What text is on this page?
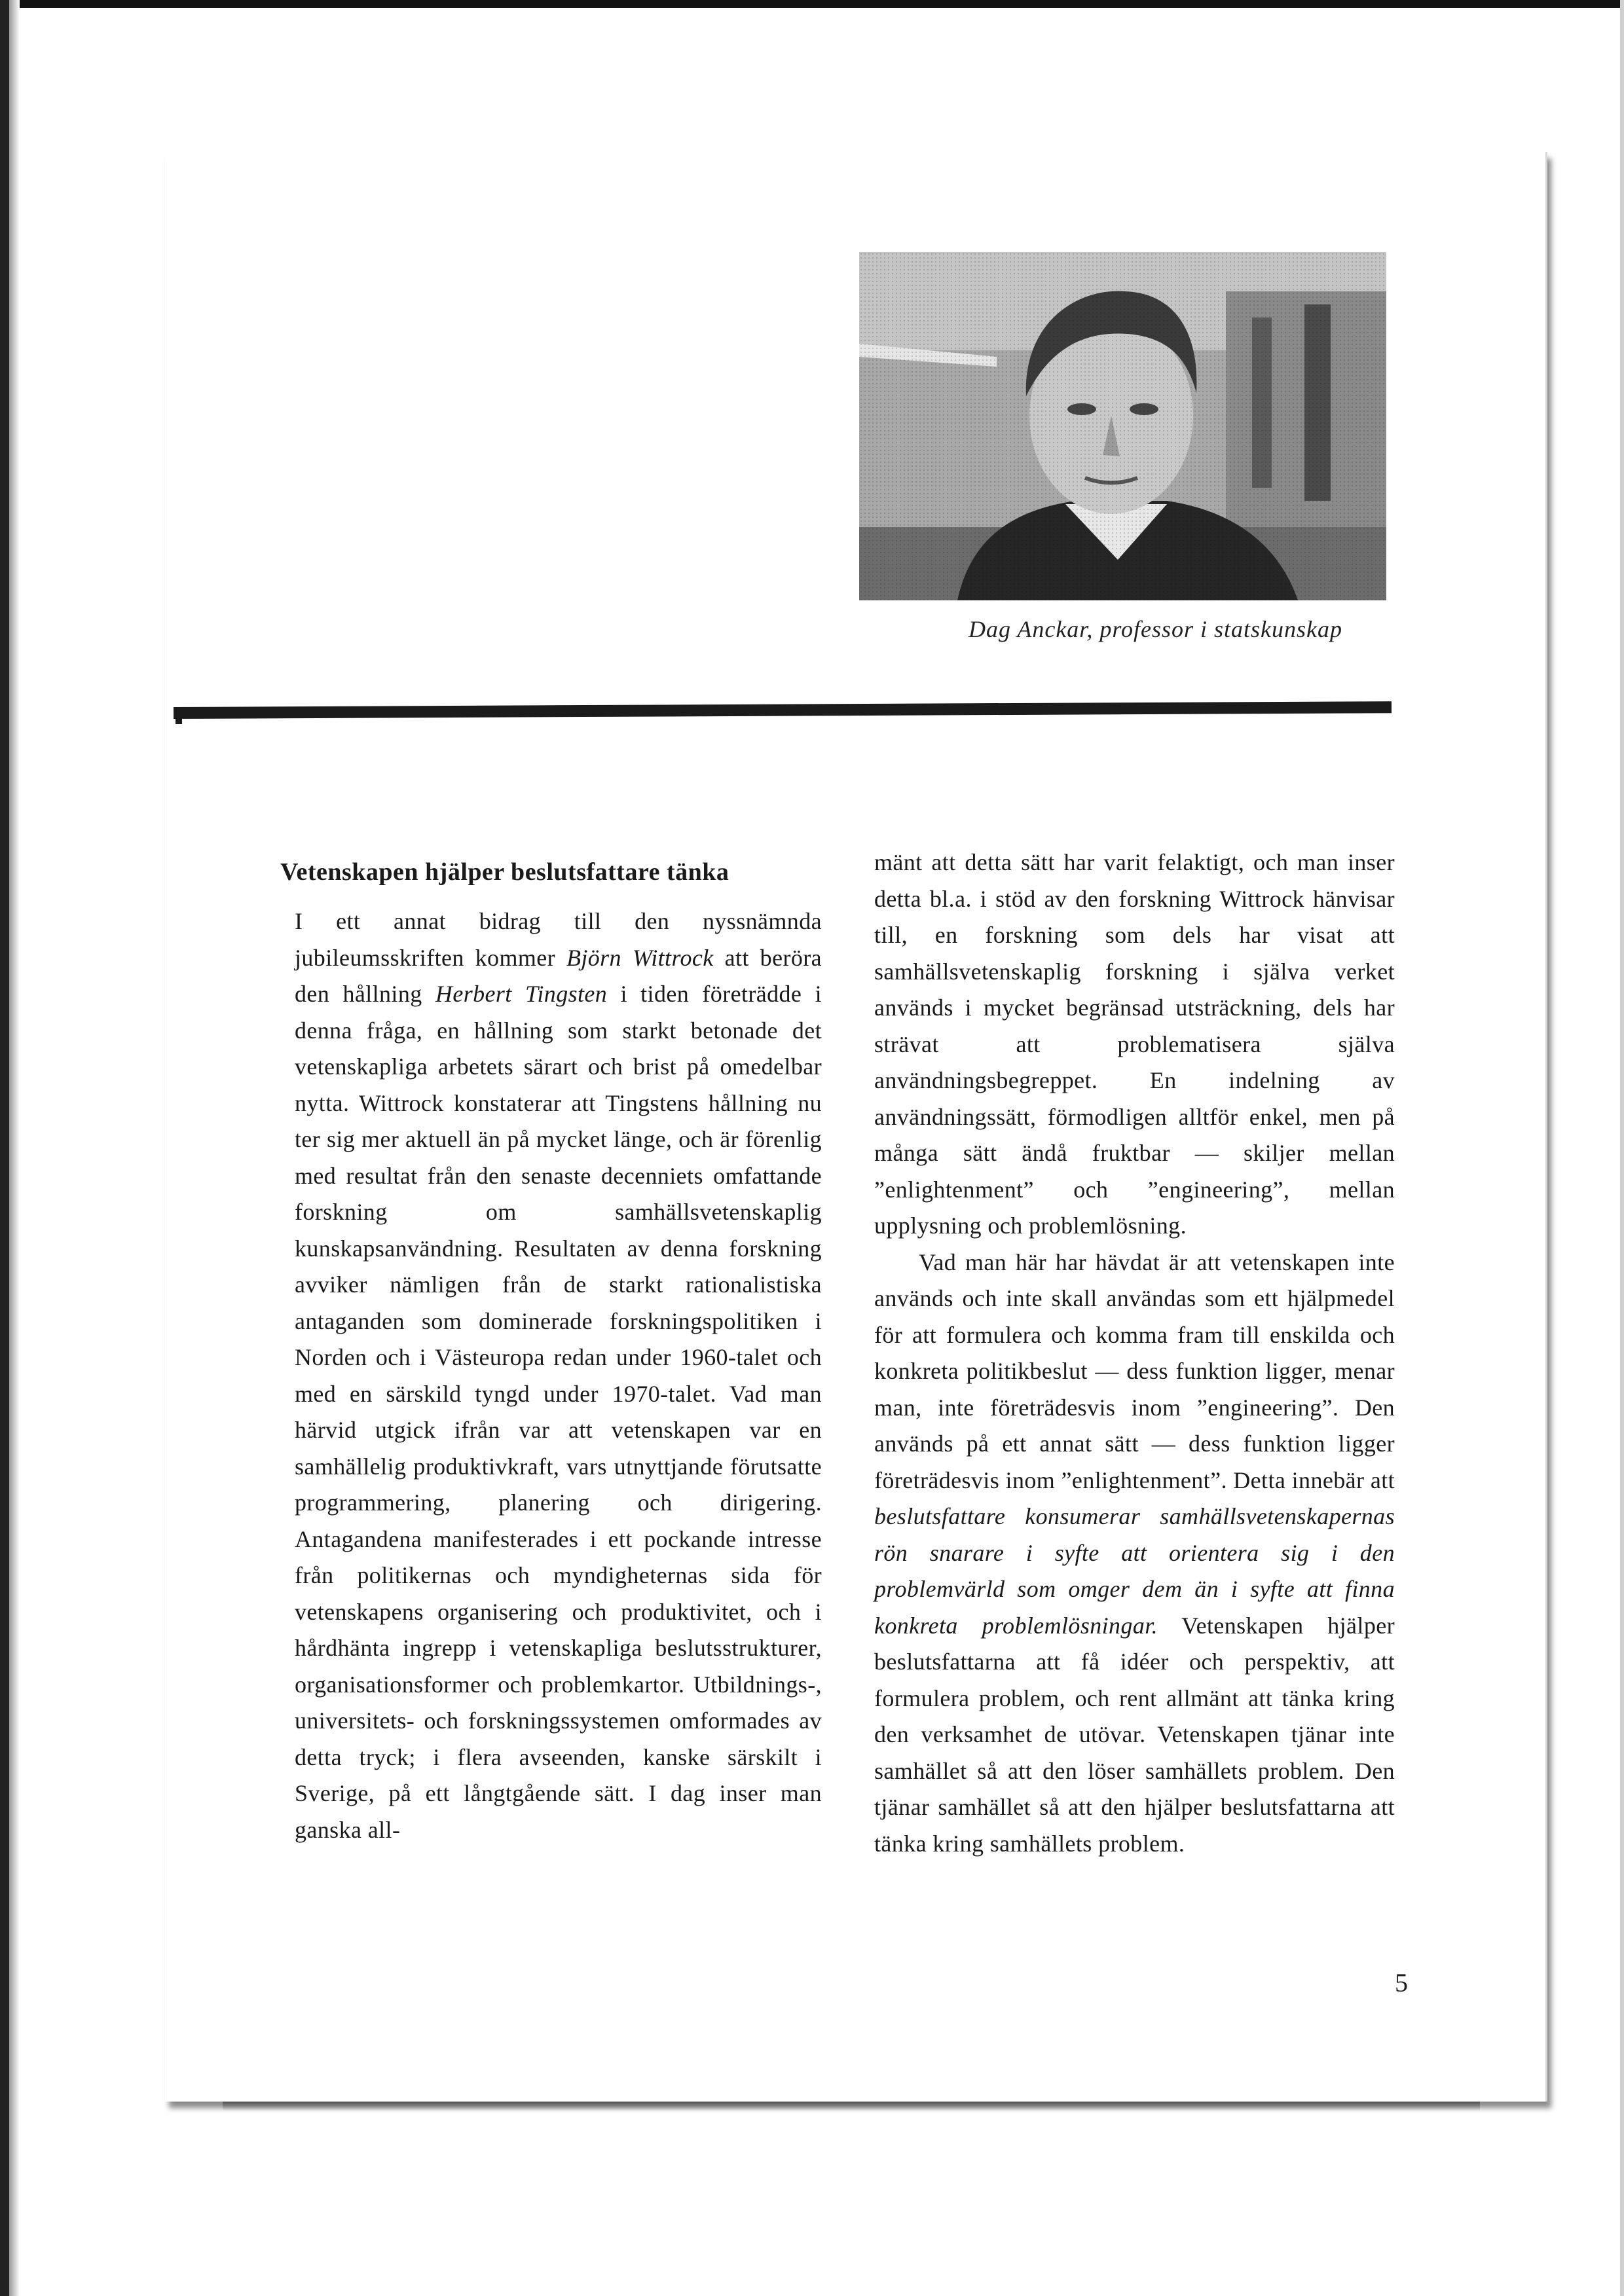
Dag Anckar, professor i statskunskap
Vetenskapen hjälper beslutsfattare tänka

I ett annat bidrag till den nyssnämnda jubileumsskriften kommer Björn Wittrock att beröra den hållning Herbert Tingsten i tiden företrädde i denna fråga, en hållning som starkt betonade det vetenskapliga arbetets särart och brist på omedelbar nytta. Wittrock konstaterar att Tingstens hållning nu ter sig mer aktuell än på mycket länge, och är förenlig med resultat från den senaste decenniets omfattande forskning om samhällsvetenskaplig kunskapsanvändning. Resultaten av denna forskning avviker nämligen från de starkt rationalistiska antaganden som dominerade forskningspolitiken i Norden och i Västeuropa redan under 1960-talet och med en särskild tyngd under 1970-talet. Vad man härvid utgick ifrån var att vetenskapen var en samhällelig produktivkraft, vars utnyttjande förutsatte programmering, planering och dirigering. Antagandena manifesterades i ett pockande intresse från politikernas och myndigheternas sida för vetenskapens organisering och produktivitet, och i hårdhänta ingrepp i vetenskapliga beslutsstrukturer, organisationsformer och problemkartor. Utbildnings-, universitets- och forskningssystemen omformades av detta tryck; i flera avseenden, kanske särskilt i Sverige, på ett långtgående sätt. I dag inser man ganska all-

mänt att detta sätt har varit felaktigt, och man inser detta bl.a. i stöd av den forskning Wittrock hänvisar till, en forskning som dels har visat att samhällsvetenskaplig forskning i själva verket används i mycket begränsad utsträckning, dels har strävat att problematisera själva användningsbegreppet. En indelning av användningssätt, förmodligen alltför enkel, men på många sätt ändå fruktbar — skiljer mellan ”enlightenment” och ”engineering”, mellan upplysning och problemlösning.

Vad man här har hävdat är att vetenskapen inte används och inte skall användas som ett hjälpmedel för att formulera och komma fram till enskilda och konkreta politikbeslut — dess funktion ligger, menar man, inte företrädesvis inom ”engineering”. Den används på ett annat sätt — dess funktion ligger företrädesvis inom ”enlightenment”. Detta innebär att beslutsfattare konsumerar samhällsvetenskapernas rön snarare i syfte att orientera sig i den problemvärld som omger dem än i syfte att finna konkreta problemlösningar. Vetenskapen hjälper beslutsfattarna att få idéer och perspektiv, att formulera problem, och rent allmänt att tänka kring den verksamhet de utövar. Vetenskapen tjänar inte samhället så att den löser samhällets problem. Den tjänar samhället så att den hjälper beslutsfattarna att tänka kring samhällets problem.

5
